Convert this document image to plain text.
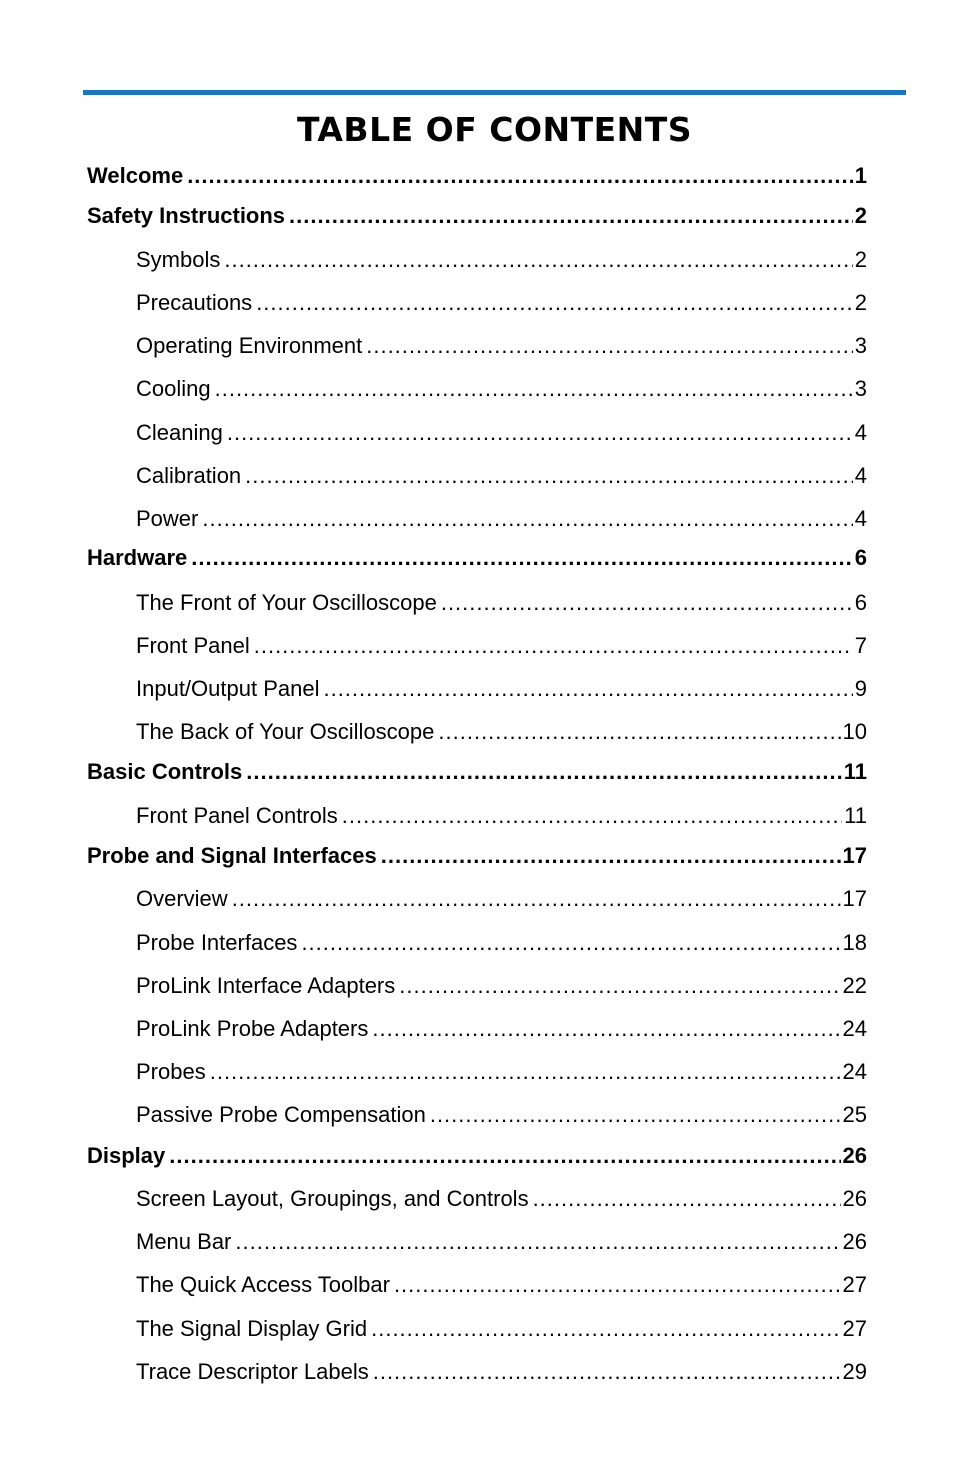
TABLE OF CONTENTS
Welcome .....	1
Safety Instructions .....	2
Symbols .....	2
Precautions .....	2
Operating Environment .....	3
Cooling .....	3
Cleaning .....	4
Calibration .....	4
Power .....	4
Hardware .....	6
The Front of Your Oscilloscope .....	6
Front Panel .....	7
Input/Output Panel .....	9
The Back of Your Oscilloscope .....	10
Basic Controls .....	11
Front Panel Controls .....	11
Probe and Signal Interfaces .....	17
Overview .....	17
Probe Interfaces .....	18
ProLink Interface Adapters .....	22
ProLink Probe Adapters .....	24
Probes .....	24
Passive Probe Compensation .....	25
Display .....	26
Screen Layout, Groupings, and Controls .....	26
Menu Bar .....	26
The Quick Access Toolbar .....	27
The Signal Display Grid .....	27
Trace Descriptor Labels .....	29
